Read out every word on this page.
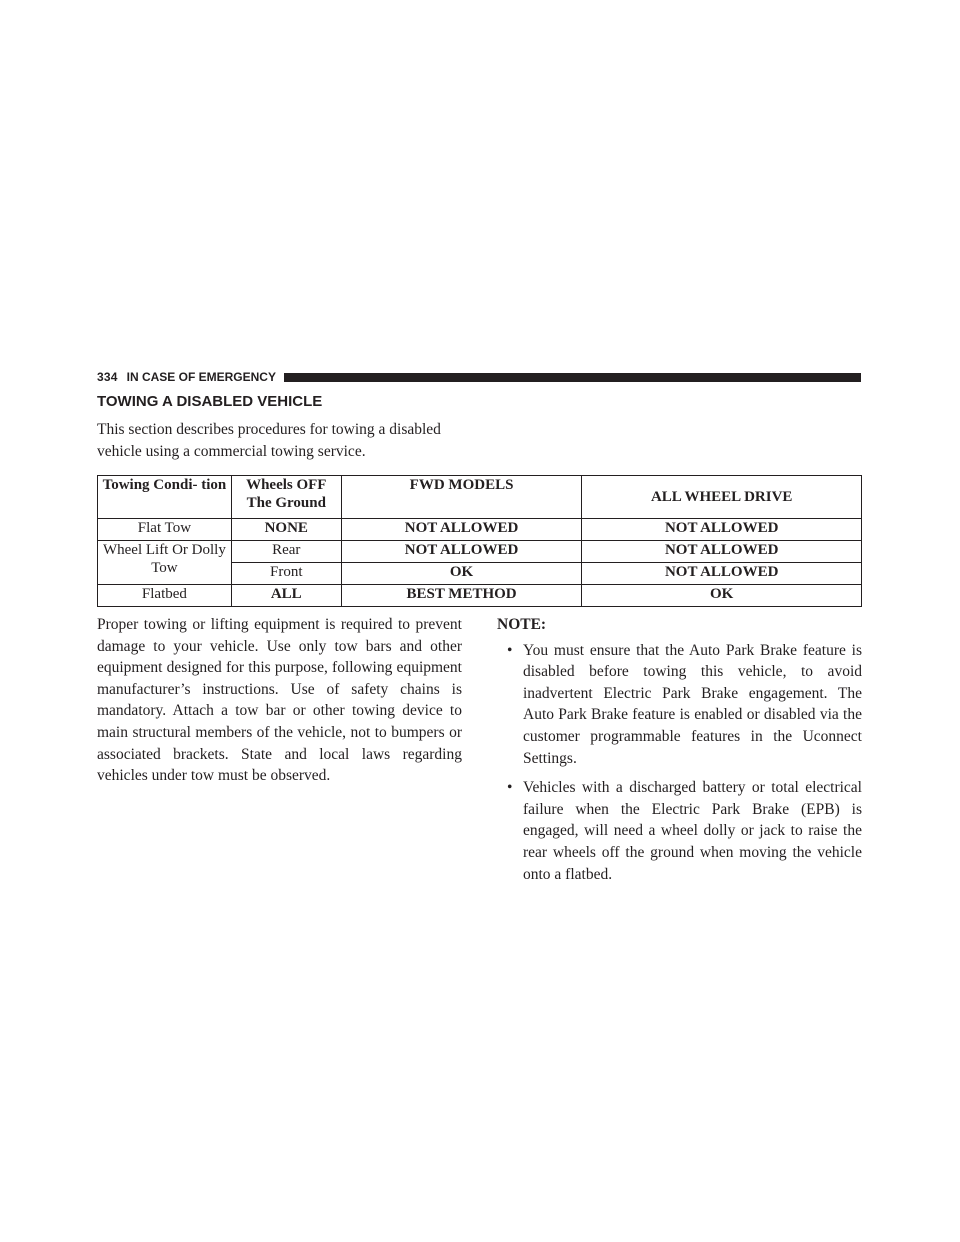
334 IN CASE OF EMERGENCY
TOWING A DISABLED VEHICLE
This section describes procedures for towing a disabled vehicle using a commercial towing service.
Towing Condi- tion	Wheels OFF The Ground	FWD MODELS	ALL WHEEL DRIVE
Flat Tow	NONE	NOT ALLOWED	NOT ALLOWED
Wheel Lift Or Dolly Tow	Rear	NOT ALLOWED	NOT ALLOWED
	Front	OK	NOT ALLOWED
Flatbed	ALL	BEST METHOD	OK
Proper towing or lifting equipment is required to prevent damage to your vehicle. Use only tow bars and other equipment designed for this purpose, following equipment manufacturer’s instructions. Use of safety chains is mandatory. Attach a tow bar or other towing device to main structural members of the vehicle, not to bumpers or associated brackets. State and local laws regarding vehicles under tow must be observed.
NOTE:
• You must ensure that the Auto Park Brake feature is disabled before towing this vehicle, to avoid inadvertent Electric Park Brake engagement. The Auto Park Brake feature is enabled or disabled via the customer programmable features in the Uconnect Settings.
• Vehicles with a discharged battery or total electrical failure when the Electric Park Brake (EPB) is engaged, will need a wheel dolly or jack to raise the rear wheels off the ground when moving the vehicle onto a flatbed.
